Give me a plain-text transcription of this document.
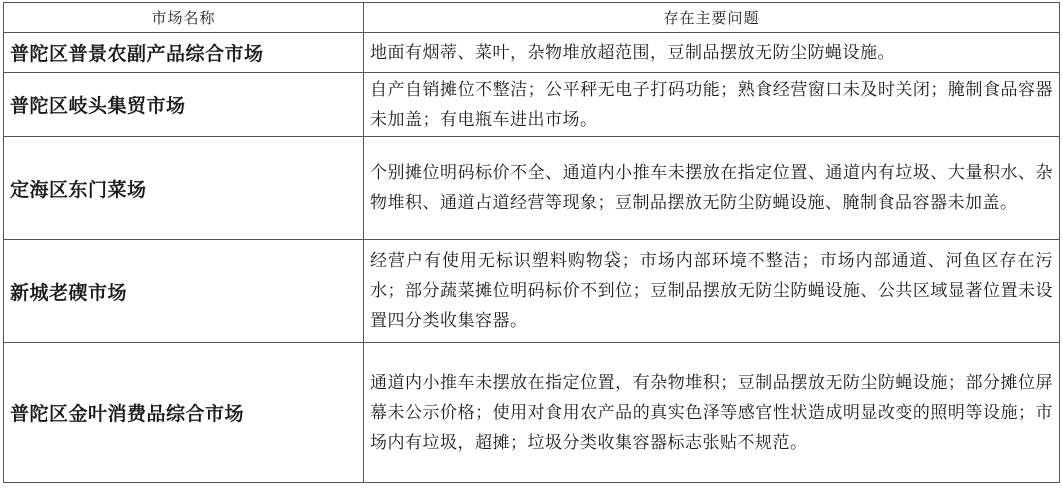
市场名称	存在主要问题
普陀区普景农副产品综合市场	地面有烟蒂、菜叶，杂物堆放超范围，豆制品摆放无防尘防蝇设施。
普陀区岐头集贸市场	自产自销摊位不整洁；公平秤无电子打码功能；熟食经营窗口未及时关闭；腌制食品容器未加盖；有电瓶车进出市场。
定海区东门菜场	个别摊位明码标价不全、通道内小推车未摆放在指定位置、通道内有垃圾、大量积水、杂物堆积、通道占道经营等现象；豆制品摆放无防尘防蝇设施、腌制食品容器未加盖。
新城老碶市场	经营户有使用无标识塑料购物袋；市场内部环境不整洁；市场内部通道、河鱼区存在污水；部分蔬菜摊位明码标价不到位；豆制品摆放无防尘防蝇设施、公共区域显著位置未设置四分类收集容器。
普陀区金叶消费品综合市场	通道内小推车未摆放在指定位置，有杂物堆积；豆制品摆放无防尘防蝇设施；部分摊位屏幕未公示价格；使用对食用农产品的真实色泽等感官性状造成明显改变的照明等设施；市场内有垃圾，超摊；垃圾分类收集容器标志张贴不规范。
